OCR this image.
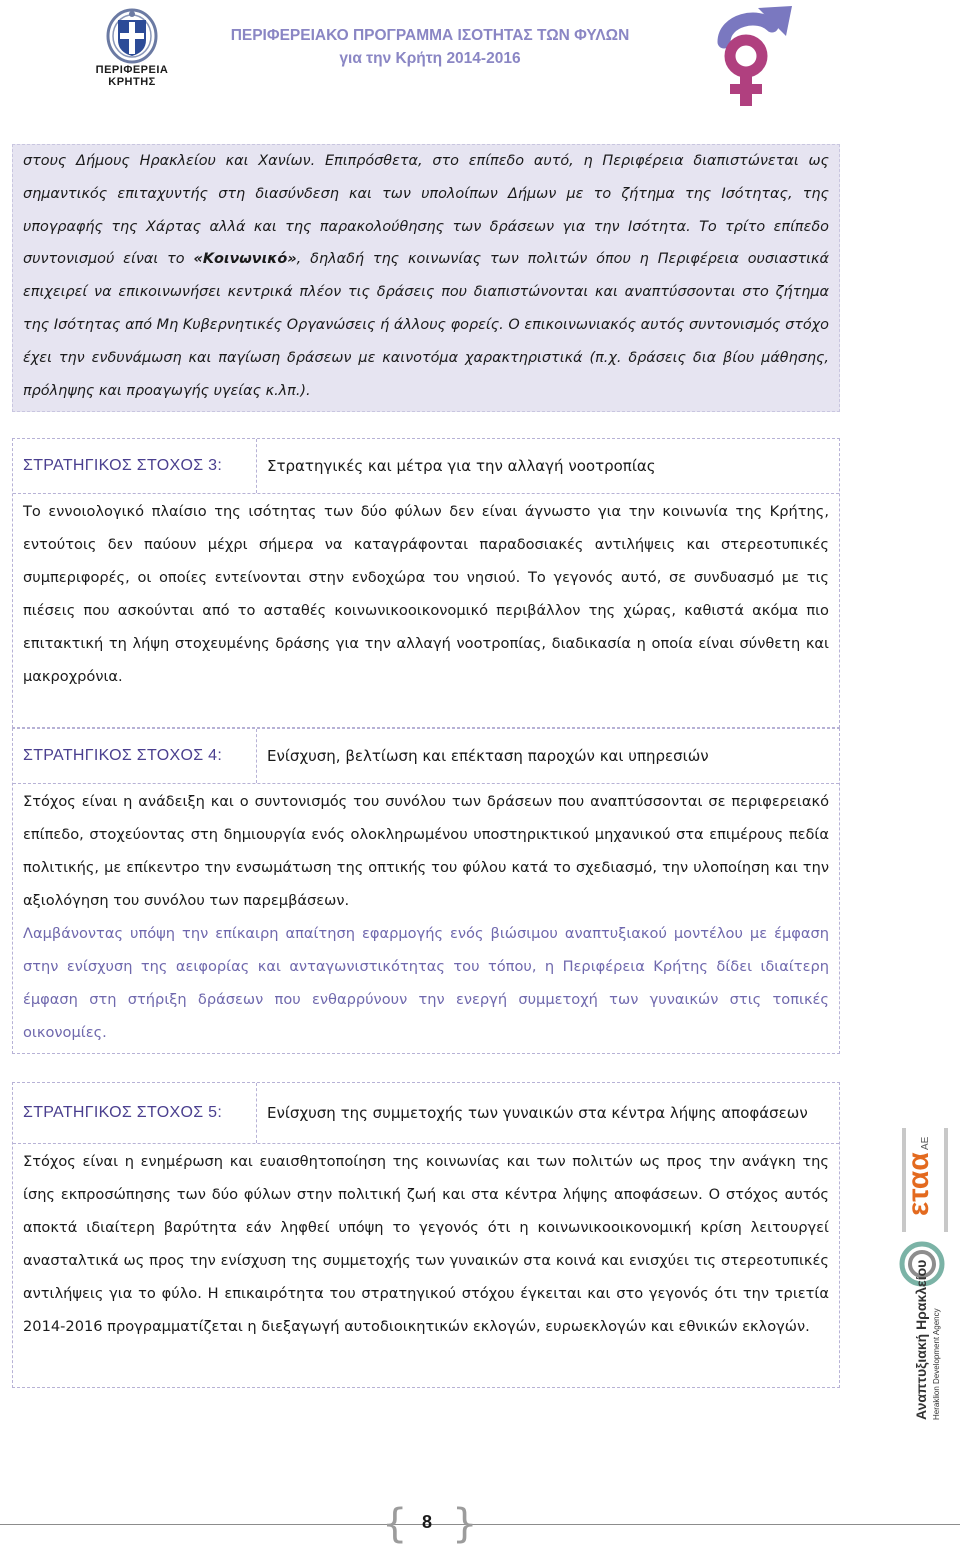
ΠΕΡΙΦΕΡΕΙΑ
ΚΡΗΤΗΣ
ΠΕΡΙΦΕΡΕΙΑΚΟ ΠΡΟΓΡΑΜΜΑ ΙΣΟΤΗΤΑΣ ΤΩΝ ΦΥΛΩΝ
για την Κρήτη 2014-2016

στους Δήμους Ηρακλείου και Χανίων. Επιπρόσθετα, στο επίπεδο αυτό, η Περιφέρεια διαπιστώνεται ως σημαντικός επιταχυντής στη διασύνδεση και των υπολοίπων Δήμων με το ζήτημα της Ισότητας, της υπογραφής της Χάρτας αλλά και της παρακολούθησης των δράσεων για την Ισότητα. Το τρίτο επίπεδο συντονισμού είναι το «Κοινωνικό», δηλαδή της κοινωνίας των πολιτών όπου η Περιφέρεια ουσιαστικά επιχειρεί να επικοινωνήσει κεντρικά πλέον τις δράσεις που διαπιστώνονται και αναπτύσσονται στο ζήτημα της Ισότητας από Μη Κυβερνητικές Οργανώσεις ή άλλους φορείς. Ο επικοινωνιακός αυτός συντονισμός στόχο έχει την ενδυνάμωση και παγίωση δράσεων με καινοτόμα χαρακτηριστικά (π.χ. δράσεις δια βίου μάθησης, πρόληψης και προαγωγής υγείας κ.λπ.).

ΣΤΡΑΤΗΓΙΚΟΣ ΣΤΟΧΟΣ 3:	Στρατηγικές και μέτρα για την αλλαγή νοοτροπίας

Το εννοιολογικό πλαίσιο της ισότητας των δύο φύλων δεν είναι άγνωστο για την κοινωνία της Κρήτης, εντούτοις δεν παύουν μέχρι σήμερα να καταγράφονται παραδοσιακές αντιλήψεις και στερεοτυπικές συμπεριφορές, οι οποίες εντείνονται στην ενδοχώρα του νησιού. Το γεγονός αυτό, σε συνδυασμό με τις πιέσεις που ασκούνται από το ασταθές κοινωνικοοικονομικό περιβάλλον της χώρας, καθιστά ακόμα πιο επιτακτική τη λήψη στοχευμένης δράσης για την αλλαγή νοοτροπίας, διαδικασία η οποία είναι σύνθετη και μακροχρόνια.

ΣΤΡΑΤΗΓΙΚΟΣ ΣΤΟΧΟΣ 4:	Ενίσχυση, βελτίωση και επέκταση παροχών και υπηρεσιών

Στόχος είναι η ανάδειξη και ο συντονισμός του συνόλου των δράσεων που αναπτύσσονται σε περιφερειακό επίπεδο, στοχεύοντας στη δημιουργία ενός ολοκληρωμένου υποστηρικτικού μηχανικού στα επιμέρους πεδία πολιτικής, με επίκεντρο την ενσωμάτωση της οπτικής του φύλου κατά το σχεδιασμό, την υλοποίηση και την αξιολόγηση του συνόλου των παρεμβάσεων.

Λαμβάνοντας υπόψη την επίκαιρη απαίτηση εφαρμογής ενός βιώσιμου αναπτυξιακού μοντέλου με έμφαση στην ενίσχυση της αειφορίας και ανταγωνιστικότητας του τόπου, η Περιφέρεια Κρήτης δίδει ιδιαίτερη έμφαση στη στήριξη δράσεων που ενθαρρύνουν την ενεργή συμμετοχή των γυναικών στις τοπικές οικονομίες.

ΣΤΡΑΤΗΓΙΚΟΣ ΣΤΟΧΟΣ 5:	Ενίσχυση της συμμετοχής των γυναικών στα κέντρα λήψης αποφάσεων

Στόχος είναι η ενημέρωση και ευαισθητοποίηση της κοινωνίας και των πολιτών ως προς την ανάγκη της ίσης εκπροσώπησης των δύο φύλων στην πολιτική ζωή και στα κέντρα λήψης αποφάσεων. Ο στόχος αυτός αποκτά ιδιαίτερη βαρύτητα εάν ληφθεί υπόψη το γεγονός ότι η κοινωνικοοικονομική κρίση λειτουργεί ανασταλτικά ως προς την ενίσχυση της συμμετοχής των γυναικών στα κοινά και ενισχύει τις στερεοτυπικές αντιλήψεις για το φύλο. Η επικαιρότητα του στρατηγικού στόχου έγκειται και στο γεγονός ότι την τριετία 2014-2016 προγραμματίζεται η διεξαγωγή αυτοδιοικητικών εκλογών, ευρωεκλογών και εθνικών εκλογών.

εταα
ΑΕ
Αναπτυξιακή Ηρακλείου Heraklion Development Agency
{ 8 }
